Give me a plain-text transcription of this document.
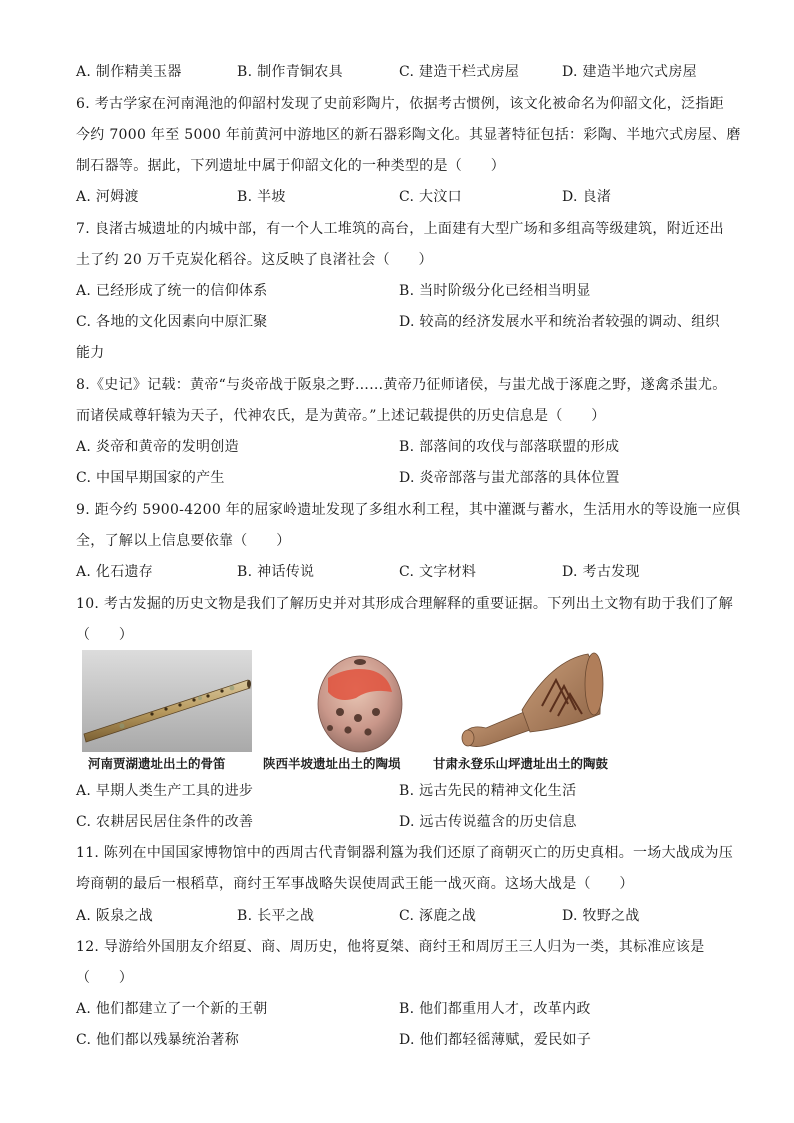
A. 制作精美玉器	B. 制作青铜农具	C. 建造干栏式房屋	D. 建造半地穴式房屋
6. 考古学家在河南渑池的仰韶村发现了史前彩陶片，依据考古惯例，该文化被命名为仰韶文化，泛指距
今约 7000 年至 5000 年前黄河中游地区的新石器彩陶文化。其显著特征包括：彩陶、半地穴式房屋、磨
制石器等。据此，下列遗址中属于仰韶文化的一种类型的是（　　）
A. 河姆渡	B. 半坡	C. 大汶口	D. 良渚
7. 良渚古城遗址的内城中部，有一个人工堆筑的高台，上面建有大型广场和多组高等级建筑，附近还出
土了约 20 万千克炭化稻谷。这反映了良渚社会（　　）
A. 已经形成了统一的信仰体系	B. 当时阶级分化已经相当明显
C. 各地的文化因素向中原汇聚	D. 较高的经济发展水平和统治者较强的调动、组织
能力
8.《史记》记载：黄帝“与炎帝战于阪泉之野……黄帝乃征师诸侯，与蚩尤战于涿鹿之野，遂禽杀蚩尤。
而诸侯咸尊轩辕为天子，代神农氏，是为黄帝。”上述记载提供的历史信息是（　　）
A. 炎帝和黄帝的发明创造	B. 部落间的攻伐与部落联盟的形成
C. 中国早期国家的产生	D. 炎帝部落与蚩尤部落的具体位置
9. 距今约 5900-4200 年的屈家岭遗址发现了多组水利工程，其中灌溉与蓄水，生活用水的等设施一应俱
全，了解以上信息要依靠（　　）
A. 化石遗存	B. 神话传说	C. 文字材料	D. 考古发现
10. 考古发掘的历史文物是我们了解历史并对其形成合理解释的重要证据。下列出土文物有助于我们了解
（　　）
河南贾湖遗址出土的骨笛	陕西半坡遗址出土的陶埙	甘肃永登乐山坪遗址出土的陶鼓
A. 早期人类生产工具的进步	B. 远古先民的精神文化生活
C. 农耕居民居住条件的改善	D. 远古传说蕴含的历史信息
11. 陈列在中国国家博物馆中的西周古代青铜器利簋为我们还原了商朝灭亡的历史真相。一场大战成为压
垮商朝的最后一根稻草，商纣王军事战略失误使周武王能一战灭商。这场大战是（　　）
A. 阪泉之战	B. 长平之战	C. 涿鹿之战	D. 牧野之战
12. 导游给外国朋友介绍夏、商、周历史，他将夏桀、商纣王和周厉王三人归为一类，其标准应该是
（　　）
A. 他们都建立了一个新的王朝	B. 他们都重用人才，改革内政
C. 他们都以残暴统治著称	D. 他们都轻徭薄赋，爱民如子
